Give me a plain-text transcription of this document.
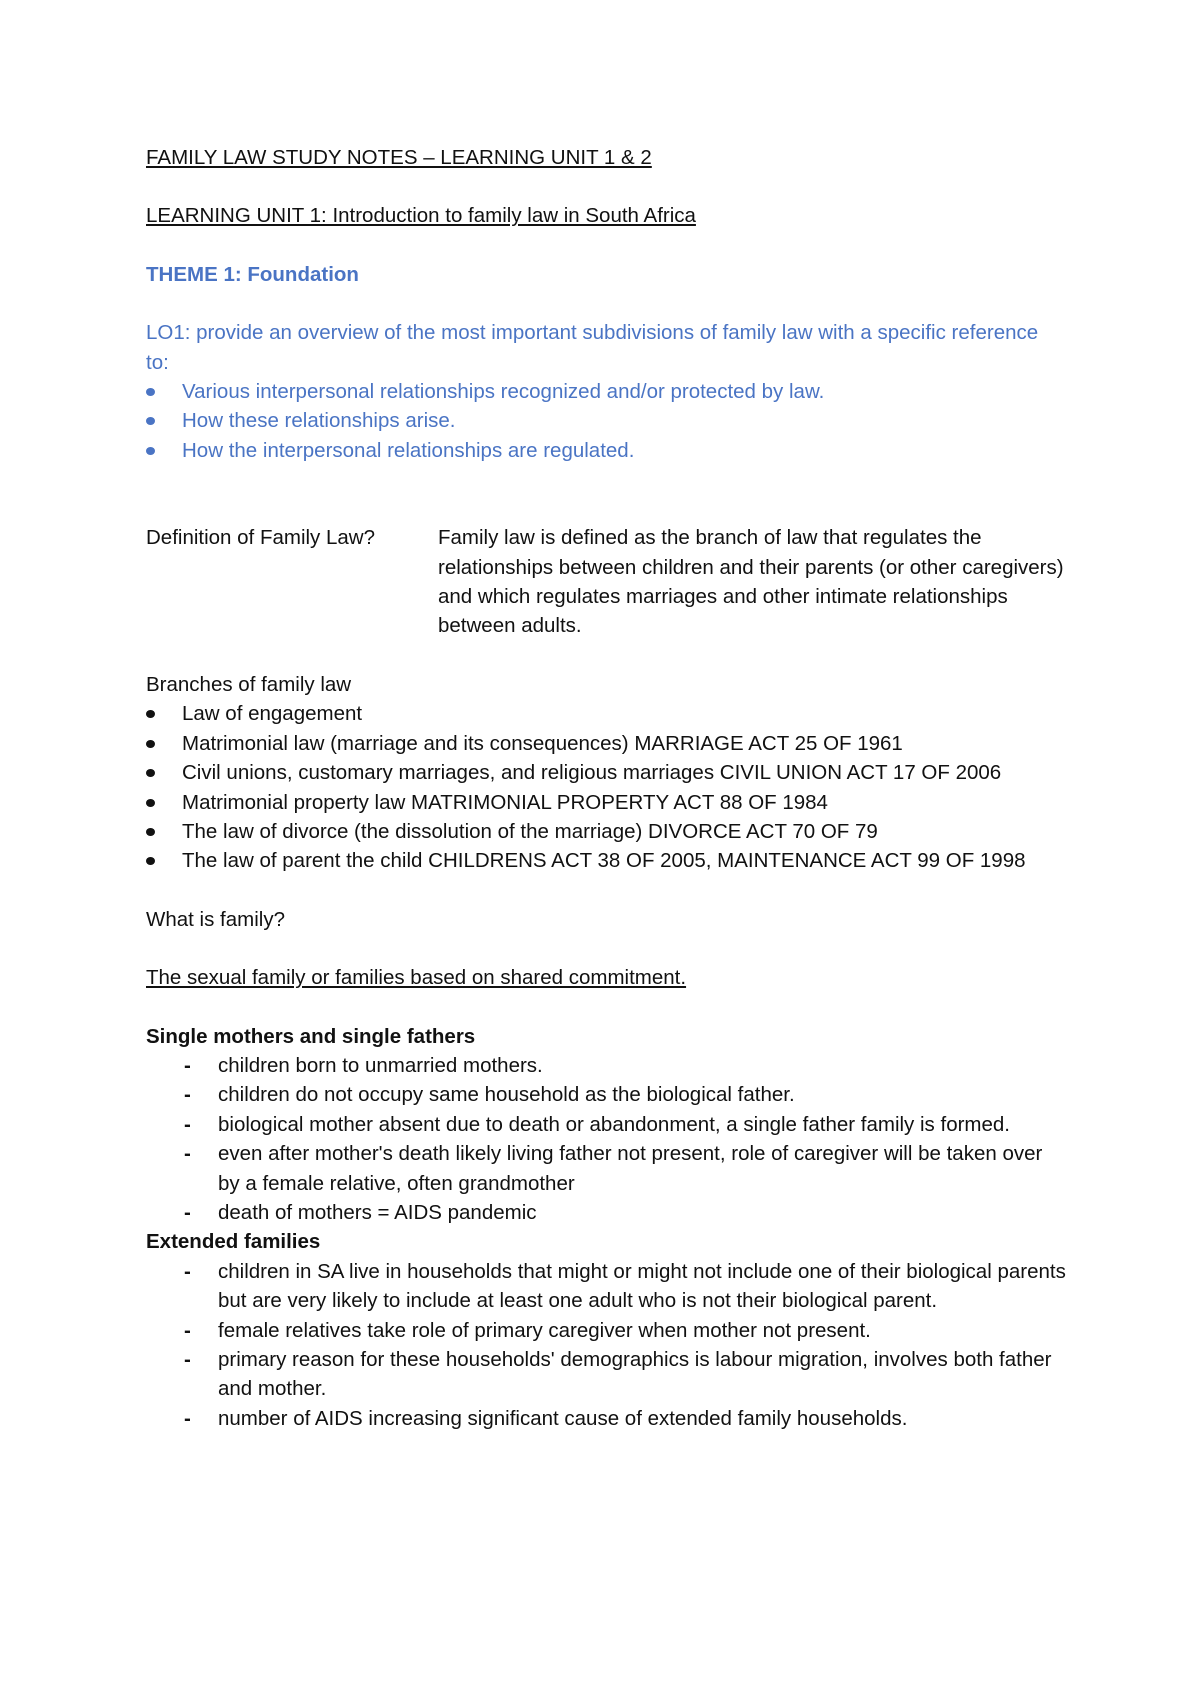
FAMILY LAW STUDY NOTES – LEARNING UNIT 1 & 2

LEARNING UNIT 1: Introduction to family law in South Africa

THEME 1: Foundation

LO1: provide an overview of the most important subdivisions of family law with a specific reference to:

Various interpersonal relationships recognized and/or protected by law.
How these relationships arise.
How the interpersonal relationships are regulated.
Definition of Family Law?	Family law is defined as the branch of law that regulates the relationships between children and their parents (or other caregivers) and which regulates marriages and other intimate relationships between adults.

Branches of family law

Law of engagement
Matrimonial law (marriage and its consequences) MARRIAGE ACT 25 OF 1961
Civil unions, customary marriages, and religious marriages CIVIL UNION ACT 17 OF 2006
Matrimonial property law MATRIMONIAL PROPERTY ACT 88 OF 1984
The law of divorce (the dissolution of the marriage) DIVORCE ACT 70 OF 79
The law of parent the child CHILDRENS ACT 38 OF 2005, MAINTENANCE ACT 99 OF 1998

What is family?

The sexual family or families based on shared commitment.

Single mothers and single fathers

- children born to unmarried mothers.
- children do not occupy same household as the biological father.
- biological mother absent due to death or abandonment, a single father family is formed.
- even after mother's death likely living father not present, role of caregiver will be taken over by a female relative, often grandmother
- death of mothers = AIDS pandemic

Extended families

- children in SA live in households that might or might not include one of their biological parents but are very likely to include at least one adult who is not their biological parent.
- female relatives take role of primary caregiver when mother not present.
- primary reason for these households' demographics is labour migration, involves both father and mother.
- number of AIDS increasing significant cause of extended family households.
